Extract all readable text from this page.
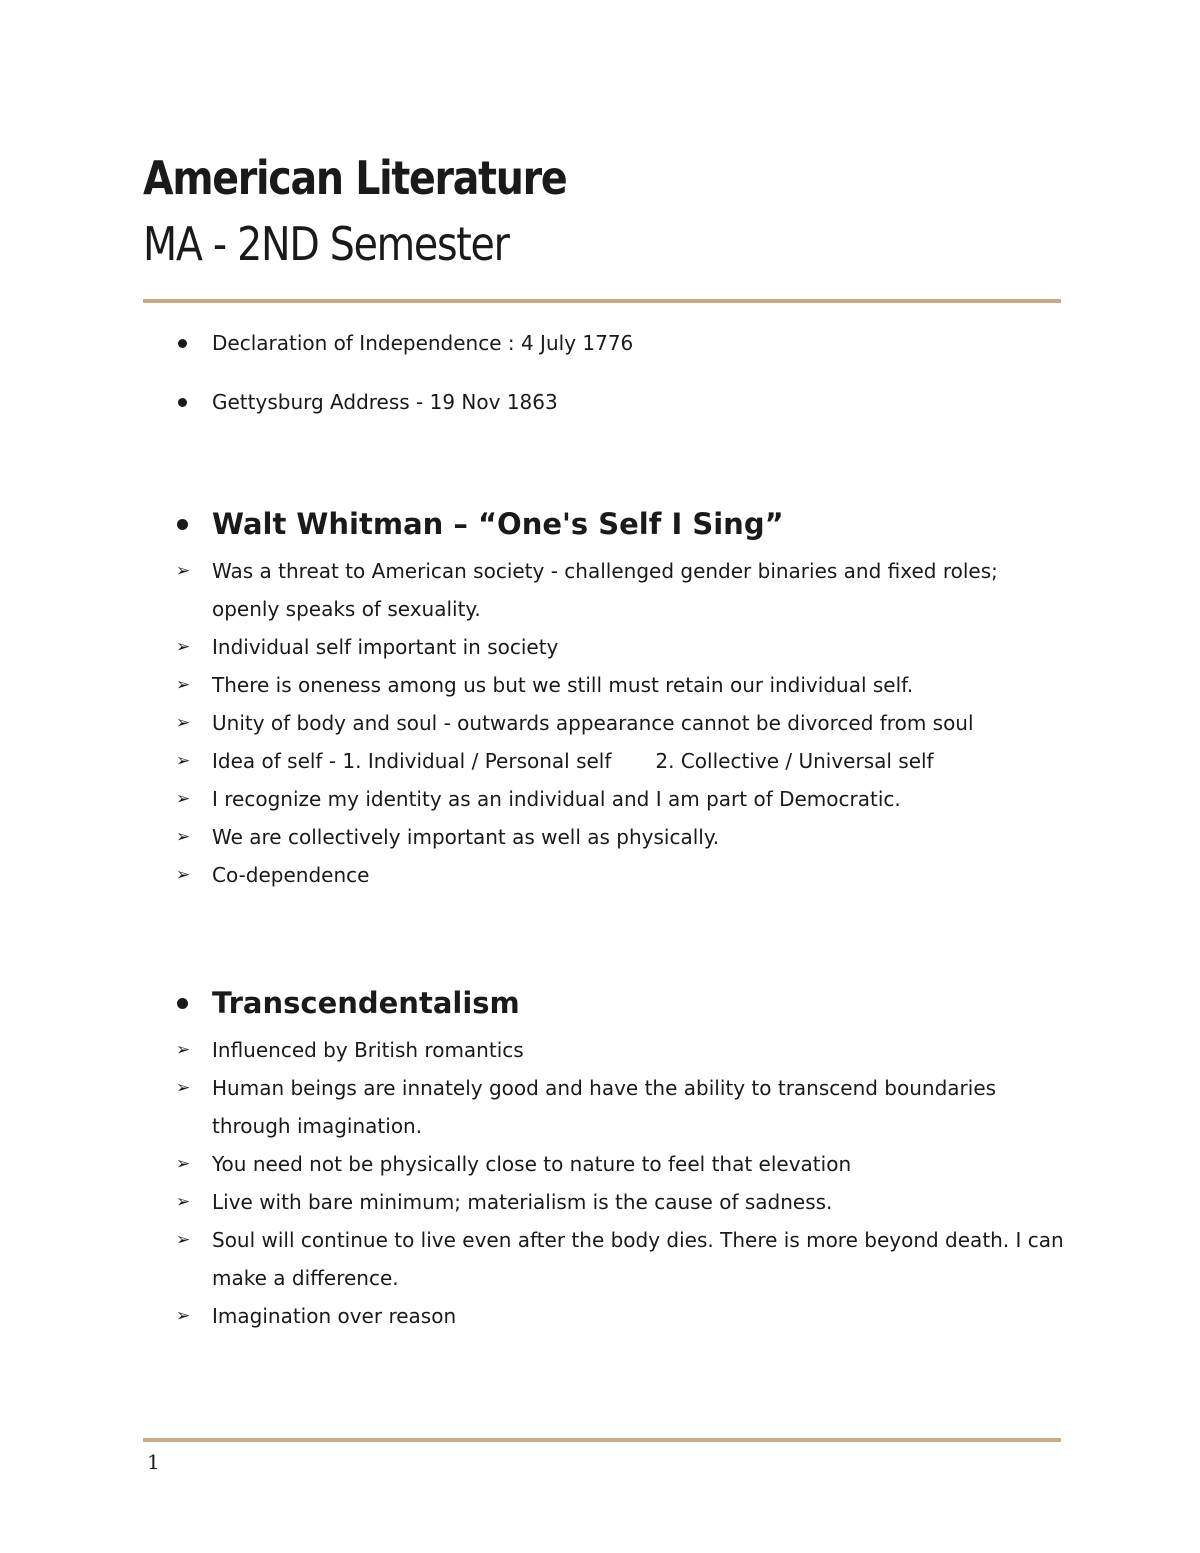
American Literature
MA - 2ND Semester
Declaration of Independence : 4 July 1776
Gettysburg Address - 19 Nov 1863
Walt Whitman – “One's Self I Sing”
➢ Was a threat to American society - challenged gender binaries and fixed roles; openly speaks of sexuality.
➢ Individual self important in society
➢ There is oneness among us but we still must retain our individual self.
➢ Unity of body and soul - outwards appearance cannot be divorced from soul
➢ Idea of self - 1. Individual / Personal self 2. Collective / Universal self
➢ I recognize my identity as an individual and I am part of Democratic.
➢ We are collectively important as well as physically.
➢ Co-dependence
Transcendentalism
➢ Influenced by British romantics
➢ Human beings are innately good and have the ability to transcend boundaries through imagination.
➢ You need not be physically close to nature to feel that elevation
➢ Live with bare minimum; materialism is the cause of sadness.
➢ Soul will continue to live even after the body dies. There is more beyond death. I can make a difference.
➢ Imagination over reason
1
